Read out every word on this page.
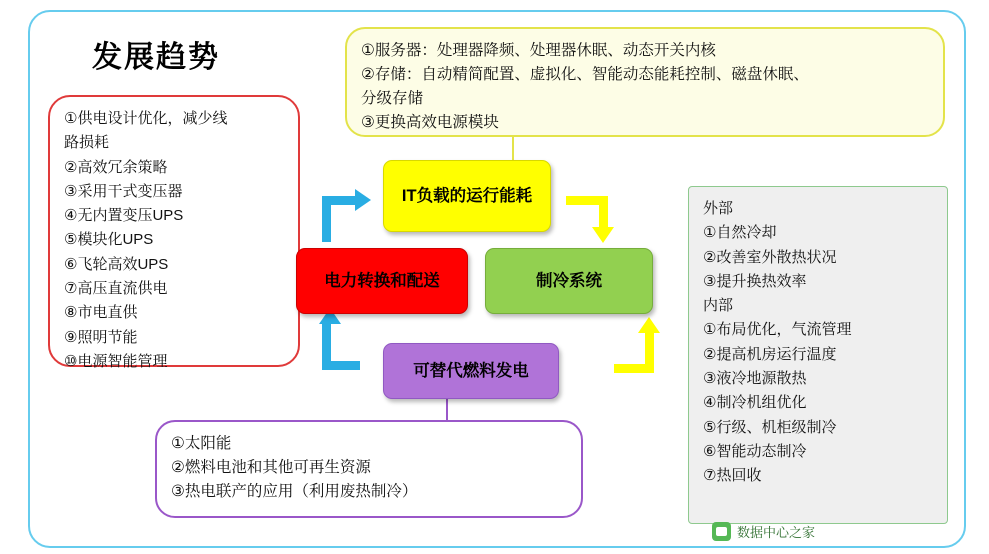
发展趋势	①服务器：处理器降频、处理器休眠、动态开关内核

②存储：自动精简配置、虚拟化、智能动态能耗控制、磁盘休眠、

分级存储

③更换高效电源模块

①供电设计优化，减少线

路损耗

②高效冗余策略

③采用干式变压器

④无内置变压UPS

⑤模块化UPS

⑥飞轮高效UPS

⑦高压直流供电

⑧市电直供

⑨照明节能

⑩电源智能管理

①太阳能

②燃料电池和其他可再生资源

③热电联产的应用（利用废热制冷）

外部

①自然冷却

②改善室外散热状况

③提升换热效率

内部

①布局优化，气流管理

②提高机房运行温度

③液冷地源散热

④制冷机组优化

⑤行级、机柜级制冷

⑥智能动态制冷

⑦热回收

IT负载的运行能耗
电力转换和配送	制冷系统
可替代燃料发电
数据中心之家
